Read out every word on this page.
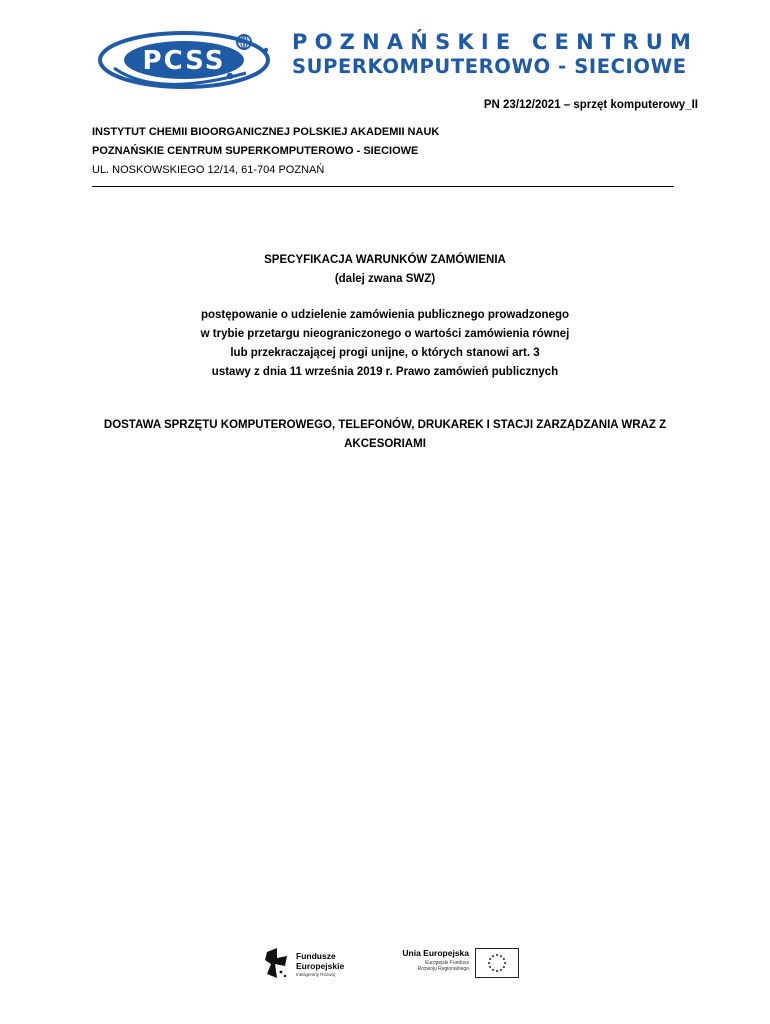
PCSS
POZNAŃSKIE CENTRUM
SUPERKOMPUTEROWO - SIECIOWE
PN 23/12/2021 – sprzęt komputerowy_II
INSTYTUT CHEMII BIOORGANICZNEJ POLSKIEJ AKADEMII NAUK
POZNAŃSKIE CENTRUM SUPERKOMPUTEROWO - SIECIOWE
UL. NOSKOWSKIEGO 12/14, 61-704 POZNAŃ
SPECYFIKACJA WARUNKÓW ZAMÓWIENIA
(dalej zwana SWZ)
postępowanie o udzielenie zamówienia publicznego prowadzonego
w trybie przetargu nieograniczonego o wartości zamówienia równej
lub przekraczającej progi unijne, o których stanowi art. 3
ustawy z dnia 11 września 2019 r. Prawo zamówień publicznych
DOSTAWA SPRZĘTU KOMPUTEROWEGO, TELEFONÓW, DRUKAREK I STACJI ZARZĄDZANIA WRAZ Z
AKCESORIAMI
Fundusze
Europejskie
Inteligentny Rozwój
Unia Europejska
Europejski Fundusz
Rozwoju Regionalnego
